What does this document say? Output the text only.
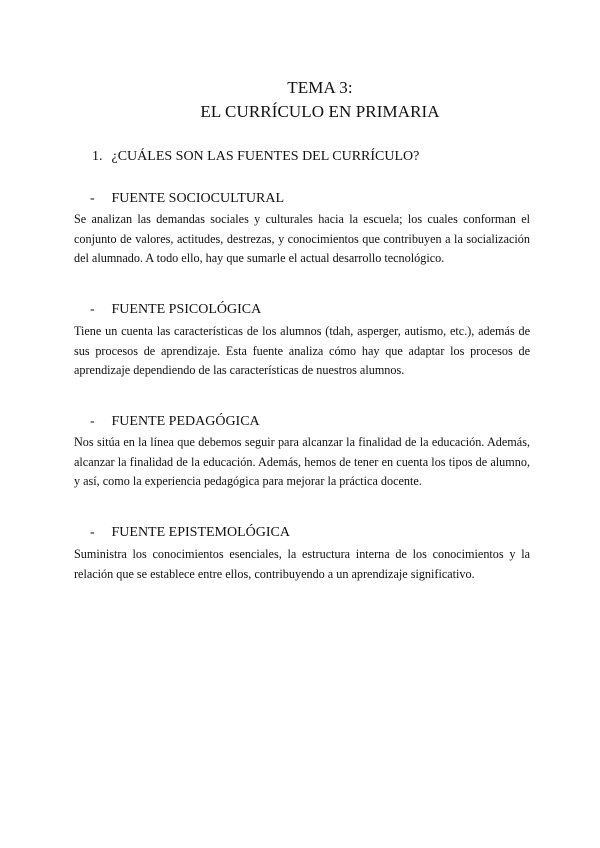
TEMA 3:
EL CURRÍCULO EN PRIMARIA
1. ¿CUÁLES SON LAS FUENTES DEL CURRÍCULO?
- FUENTE SOCIOCULTURAL
Se analizan las demandas sociales y culturales hacia la escuela; los cuales conforman el conjunto de valores, actitudes, destrezas, y conocimientos que contribuyen a la socialización del alumnado. A todo ello, hay que sumarle el actual desarrollo tecnológico.
- FUENTE PSICOLÓGICA
Tiene un cuenta las características de los alumnos (tdah, asperger, autismo, etc.), además de sus procesos de aprendizaje. Esta fuente analiza cómo hay que adaptar los procesos de aprendizaje dependiendo de las características de nuestros alumnos.
- FUENTE PEDAGÓGICA
Nos sitúa en la línea que debemos seguir para alcanzar la finalidad de la educación. Además, alcanzar la finalidad de la educación. Además, hemos de tener en cuenta los tipos de alumno, y así, como la experiencia pedagógica para mejorar la práctica docente.
- FUENTE EPISTEMOLÓGICA
Suministra los conocimientos esenciales, la estructura interna de los conocimientos y la relación que se establece entre ellos, contribuyendo a un aprendizaje significativo.
